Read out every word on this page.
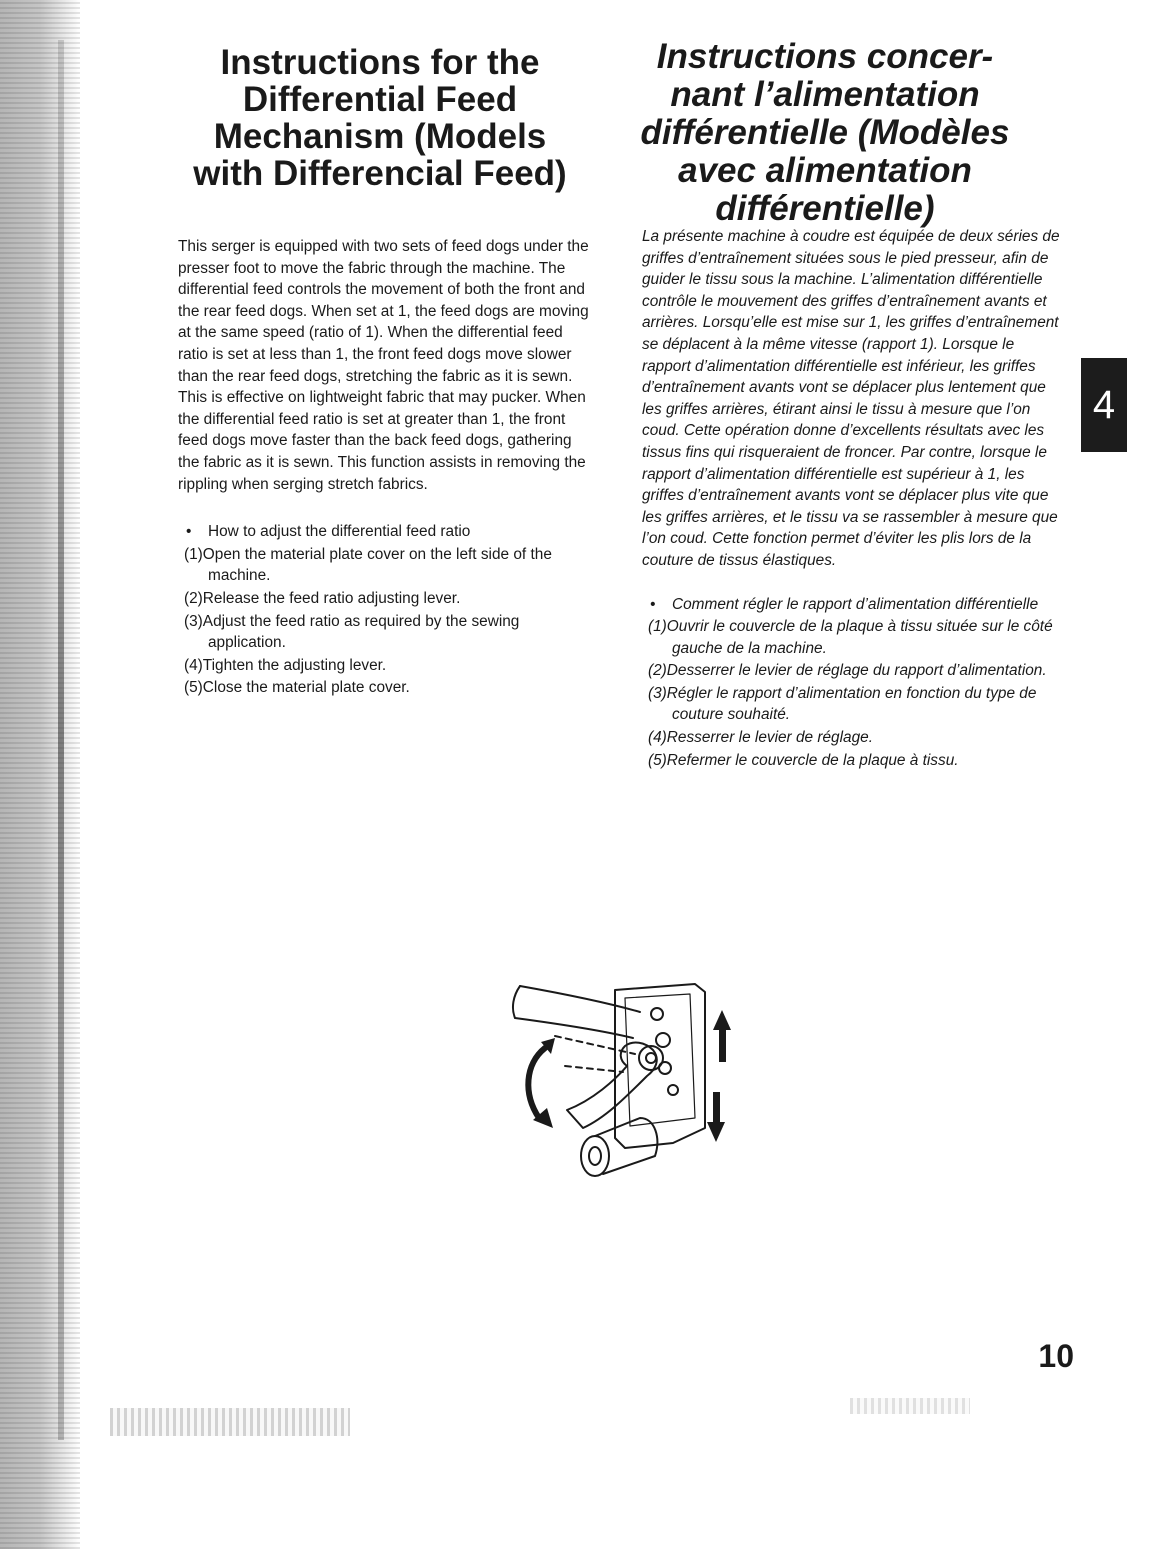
Instructions for the
Differential Feed
Mechanism (Models
with Differencial Feed)
Instructions concer-
nant l’alimentation
différentielle (Modèles
avec alimentation
différentielle)

This serger is equipped with two sets of feed dogs under the presser foot to move the fabric through the machine. The differential feed controls the movement of both the front and the rear feed dogs. When set at 1, the feed dogs are moving at the same speed (ratio of 1). When the differential feed ratio is set at less than 1, the front feed dogs move slower than the rear feed dogs, stretching the fabric as it is sewn. This is effective on lightweight fabric that may pucker. When the differential feed ratio is set at greater than 1, the front feed dogs move faster than the back feed dogs, gathering the fabric as it is sewn. This function assists in removing the rippling when serging stretch fabrics.

• How to adjust the differential feed ratio
(1)Open the material plate cover on the left side of the machine.
(2)Release the feed ratio adjusting lever.
(3)Adjust the feed ratio as required by the sewing application.
(4)Tighten the adjusting lever.
(5)Close the material plate cover.

La présente machine à coudre est équipée de deux séries de griffes d’entraînement situées sous le pied presseur, afin de guider le tissu sous la machine. L’alimentation différentielle contrôle le mouvement des griffes d’entraînement avants et arrières. Lorsqu’elle est mise sur 1, les griffes d’entraînement se déplacent à la même vitesse (rapport 1). Lorsque le rapport d’alimentation différentielle est inférieur, les griffes d’entraînement avants vont se déplacer plus lentement que les griffes arrières, étirant ainsi le tissu à mesure que l’on coud. Cette opération donne d’excellents résultats avec les tissus fins qui risqueraient de froncer. Par contre, lorsque le rapport d’alimentation différentielle est supérieur à 1, les griffes d’entraînement avants vont se déplacer plus vite que les griffes arrières, et le tissu va se rassembler à mesure que l’on coud. Cette fonction permet d’éviter les plis lors de la couture de tissus élastiques.

• Comment régler le rapport d’alimentation différentielle
(1)Ouvrir le couvercle de la plaque à tissu située sur le côté gauche de la machine.
(2)Desserrer le levier de réglage du rapport d’alimentation.
(3)Régler le rapport d’alimentation en fonction du type de couture souhaité.
(4)Resserrer le levier de réglage.
(5)Refermer le couvercle de la plaque à tissu.
4
10
